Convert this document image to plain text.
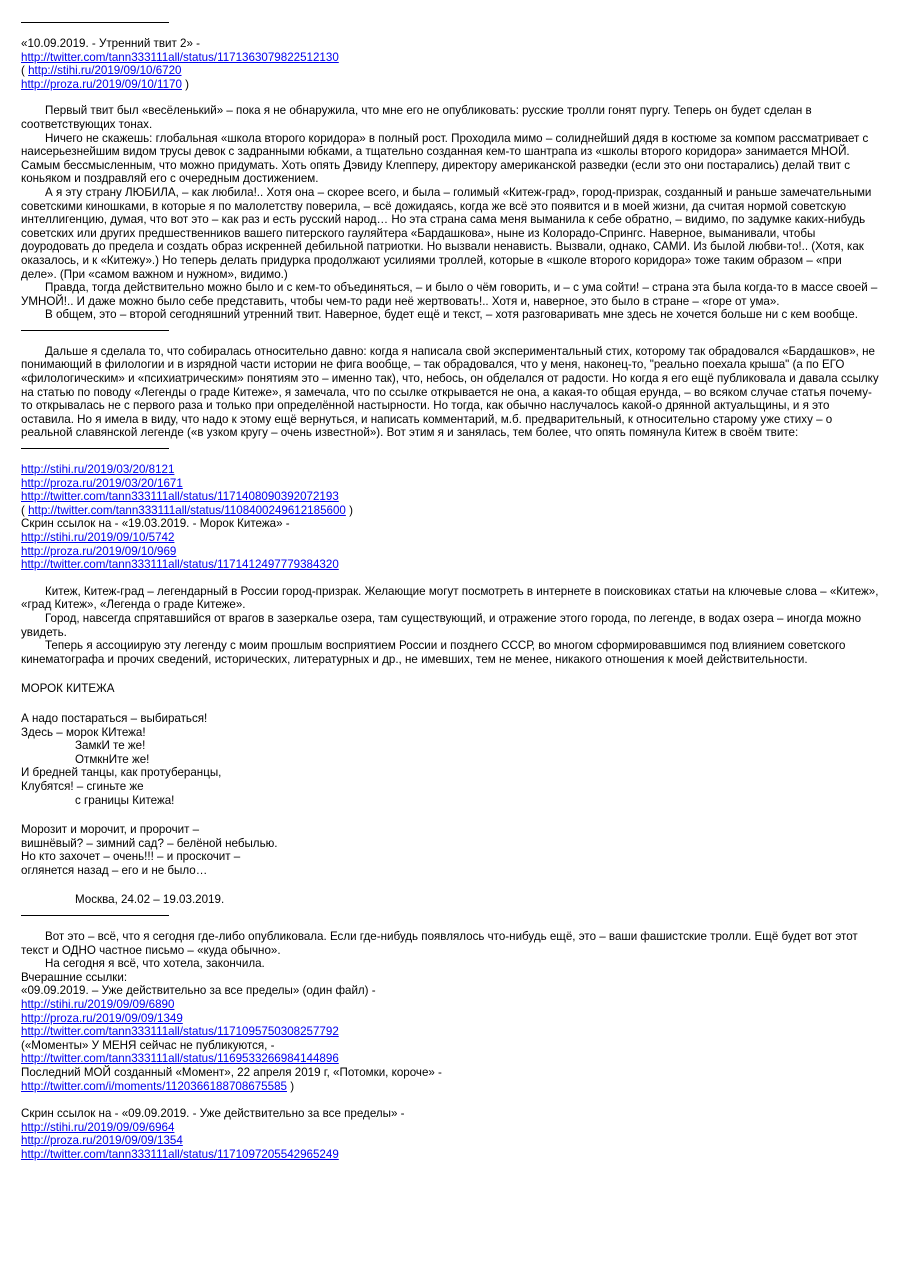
«10.09.2019. - Утренний твит 2» -
http://twitter.com/tann333111all/status/1171363079822512130
( http://stihi.ru/2019/09/10/6720
http://proza.ru/2019/09/10/1170 )
Первый твит был «весёленький» – пока я не обнаружила, что мне его не опубликовать: русские тролли гонят пургу. Теперь он будет сделан в соответствующих тонах.
Ничего не скажешь: глобальная «школа второго коридора» в полный рост. Проходила мимо – солиднейший дядя в костюме за компом рассматривает с наисерьезнейшим видом трусы девок с задранными юбками, а тщательно созданная кем-то шантрапа из «школы второго коридора» занимается МНОЙ. Самым бессмысленным, что можно придумать. Хоть опять Дэвиду Клепперу, директору американской разведки (если это они постарались) делай твит с коньяком и поздравляй его с очередным достижением.
А я эту страну ЛЮБИЛА, – как любила!.. Хотя она – скорее всего, и была – голимый «Китеж-град», город-призрак, созданный и раньше замечательными советскими киношками, в которые я по малолетству поверила, – всё дожидаясь, когда же всё это появится и в моей жизни, да считая нормой советскую интеллигенцию, думая, что вот это – как раз и есть русский народ… Но эта страна сама меня выманила к себе обратно, – видимо, по задумке каких-нибудь советских или других предшественников вашего питерского гауляйтера «Бардашкова», ныне из Колорадо-Спрингс. Наверное, выманивали, чтобы доуродовать до предела и создать образ искренней дебильной патриотки. Но вызвали ненависть. Вызвали, однако, САМИ. Из былой любви-то!.. (Хотя, как оказалось, и к «Китежу».) Но теперь делать придурка продолжают усилиями троллей, которые в «школе второго коридора» тоже таким образом – «при деле». (При «самом важном и нужном», видимо.)
Правда, тогда действительно можно было и с кем-то объединяться, – и было о чём говорить, и – с ума сойти! – страна эта была когда-то в массе своей – УМНОЙ!.. И даже можно было себе представить, чтобы чем-то ради неё жертвовать!.. Хотя и, наверное, это было в стране – «горе от ума».
В общем, это – второй сегодняшний утренний твит. Наверное, будет ещё и текст, – хотя разговаривать мне здесь не хочется больше ни с кем вообще.
Дальше я сделала то, что собиралась относительно давно: когда я написала свой экспериментальный стих, которому так обрадовался «Бардашков», не понимающий в филологии и в изрядной части истории не фига вообще, – так обрадовался, что у меня, наконец-то, "реально поехала крыша" (а по ЕГО «филологическим» и «психиатрическим» понятиям это – именно так), что, небось, он обделался от радости. Но когда я его ещё публиковала и давала ссылку на статью по поводу «Легенды о граде Китеже», я замечала, что по ссылке открывается не она, а какая-то общая ерунда, – во всяком случае статья почему-то открывалась не с первого раза и только при определённой настырности. Но тогда, как обычно наслучалось какой-о дрянной актуальщины, и я это оставила. Но я имела в виду, что надо к этому ещё вернуться, и написать комментарий, м.б. предварительный, к относительно старому уже стиху – о реальной славянской легенде («в узком кругу – очень известной»). Вот этим я и занялась, тем более, что опять помянула Китеж в своём твите:
http://stihi.ru/2019/03/20/8121
http://proza.ru/2019/03/20/1671
http://twitter.com/tann333111all/status/1171408090392072193
( http://twitter.com/tann333111all/status/1108400249612185600 )
Скрин ссылок на - «19.03.2019. - Морок Китежа» -
http://stihi.ru/2019/09/10/5742
http://proza.ru/2019/09/10/969
http://twitter.com/tann333111all/status/1171412497779384320
Китеж, Китеж-град – легендарный в России город-призрак. Желающие могут посмотреть в интернете в поисковиках статьи на ключевые слова – «Китеж», «град Китеж», «Легенда о граде Китеже».
Город, навсегда спрятавшийся от врагов в зазеркалье озера, там существующий, и отражение этого города, по легенде, в водах озера – иногда можно увидеть.
Теперь я ассоциирую эту легенду с моим прошлым восприятием России и позднего СССР, во многом сформировавшимся под влиянием советского кинематографа и прочих сведений, исторических, литературных и др., не имевших, тем не менее, никакого отношения к моей действительности.
МОРОК КИТЕЖА
А надо постараться – выбираться!
Здесь – морок КИтежа!
ЗамкИ те же!
ОтмкнИте же!
И бредней танцы, как протуберанцы,
Клубятся! – сгиньте же
с границы Китежа!
Морозит и морочит, и пророчит –
вишнёвый? – зимний сад? – белёной небылью.
Но кто захочет – очень!!! – и проскочит –
оглянется назад – его и не было…
Москва, 24.02 – 19.03.2019.
Вот это – всё, что я сегодня где-либо опубликовала. Если где-нибудь появлялось что-нибудь ещё, это – ваши фашистские тролли. Ещё будет вот этот текст и ОДНО частное письмо – «куда обычно».
На сегодня я всё, что хотела, закончила.
Вчерашние ссылки:
«09.09.2019. – Уже действительно за все пределы» (один файл) -
http://stihi.ru/2019/09/09/6890
http://proza.ru/2019/09/09/1349
http://twitter.com/tann333111all/status/1171095750308257792
(«Моменты» У МЕНЯ сейчас не публикуются, -
http://twitter.com/tann333111all/status/1169533266984144896
Последний МОЙ созданный «Момент», 22 апреля 2019 г, «Потомки, короче» -
http://twitter.com/i/moments/1120366188708675585 )
Скрин ссылок на - «09.09.2019. - Уже действительно за все пределы» -
http://stihi.ru/2019/09/09/6964
http://proza.ru/2019/09/09/1354
http://twitter.com/tann333111all/status/1171097205542965249
